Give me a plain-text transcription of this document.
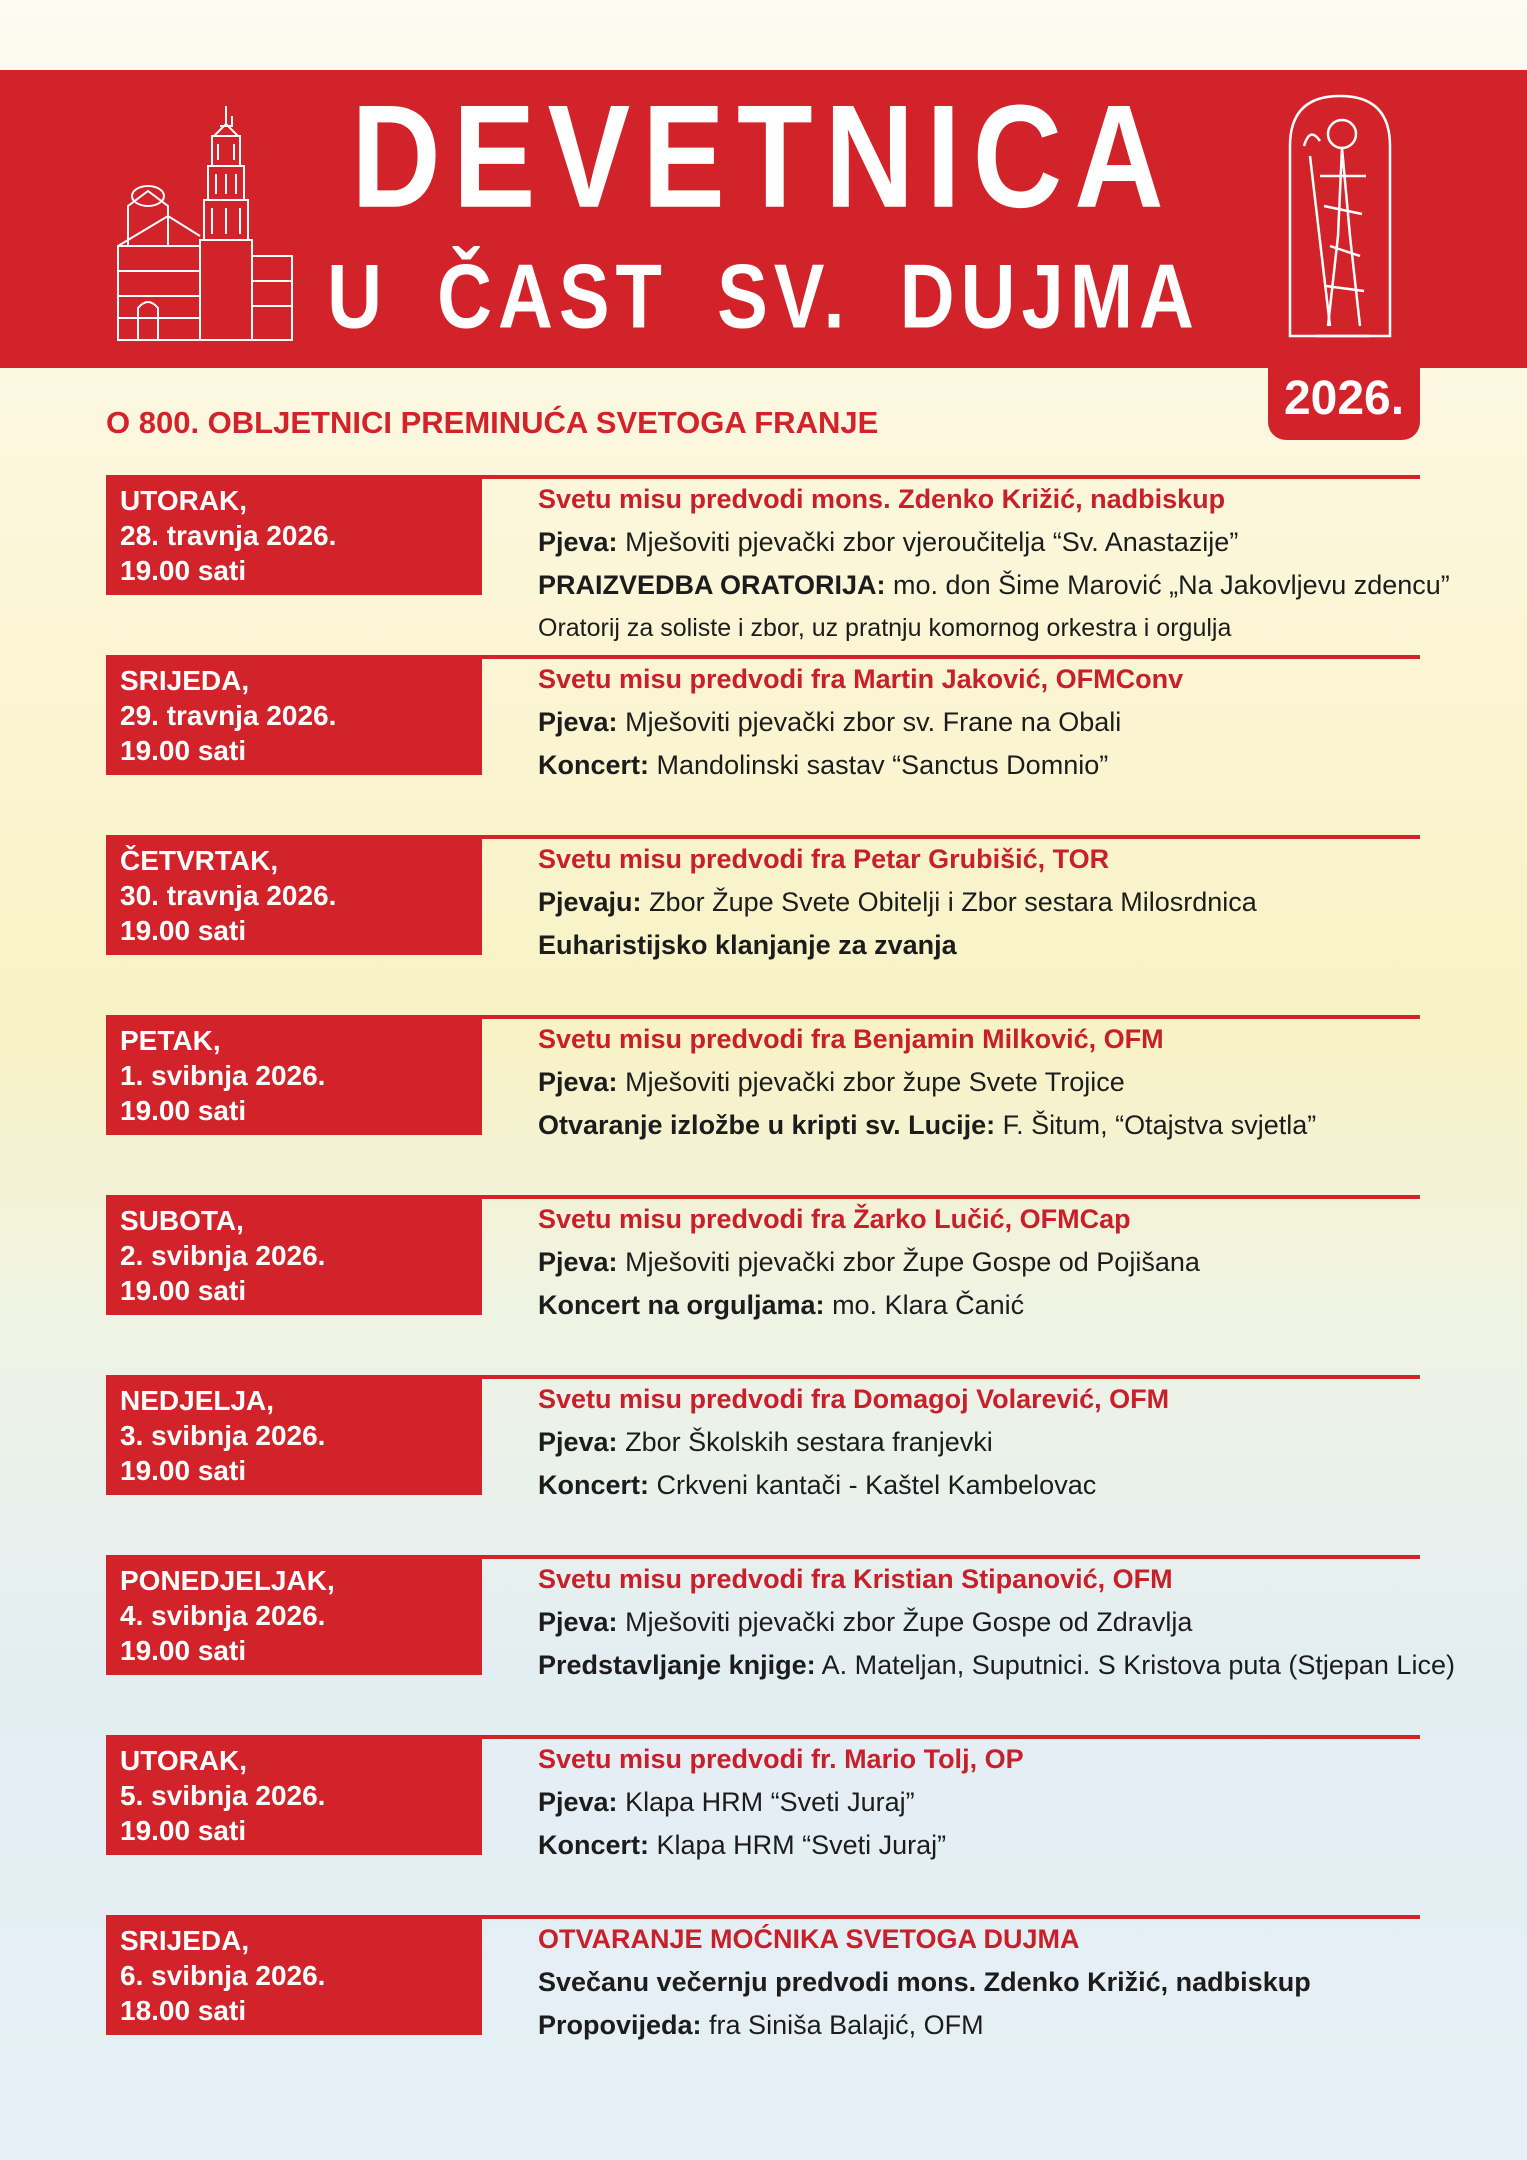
DEVETNICA
U ČAST SV. DUJMA
2026.
O 800. OBLJETNICI PREMINUĆA SVETOGA FRANJE
UTORAK,
28. travnja 2026.
19.00 sati
Svetu misu predvodi mons. Zdenko Križić, nadbiskup
Pjeva: Mješoviti pjevački zbor vjeroučitelja “Sv. Anastazije”
PRAIZVEDBA ORATORIJA: mo. don Šime Marović „Na Jakovljevu zdencu”
Oratorij za soliste i zbor, uz pratnju komornog orkestra i orgulja
SRIJEDA,
29. travnja 2026.
19.00 sati
Svetu misu predvodi fra Martin Jaković, OFMConv
Pjeva: Mješoviti pjevački zbor sv. Frane na Obali
Koncert: Mandolinski sastav “Sanctus Domnio”
ČETVRTAK,
30. travnja 2026.
19.00 sati
Svetu misu predvodi fra Petar Grubišić, TOR
Pjevaju: Zbor Župe Svete Obitelji i Zbor sestara Milosrdnica
Euharistijsko klanjanje za zvanja
PETAK,
1. svibnja 2026.
19.00 sati
Svetu misu predvodi fra Benjamin Milković, OFM
Pjeva: Mješoviti pjevački zbor župe Svete Trojice
Otvaranje izložbe u kripti sv. Lucije: F. Šitum, “Otajstva svjetla”
SUBOTA,
2. svibnja 2026.
19.00 sati
Svetu misu predvodi fra Žarko Lučić, OFMCap
Pjeva: Mješoviti pjevački zbor Župe Gospe od Pojišana
Koncert na orguljama: mo. Klara Čanić
NEDJELJA,
3. svibnja 2026.
19.00 sati
Svetu misu predvodi fra Domagoj Volarević, OFM
Pjeva: Zbor Školskih sestara franjevki
Koncert: Crkveni kantači - Kaštel Kambelovac
PONEDJELJAK,
4. svibnja 2026.
19.00 sati
Svetu misu predvodi fra Kristian Stipanović, OFM
Pjeva: Mješoviti pjevački zbor Župe Gospe od Zdravlja
Predstavljanje knjige: A. Mateljan, Suputnici. S Kristova puta (Stjepan Lice)
UTORAK,
5. svibnja 2026.
19.00 sati
Svetu misu predvodi fr. Mario Tolj, OP
Pjeva: Klapa HRM “Sveti Juraj”
Koncert: Klapa HRM “Sveti Juraj”
SRIJEDA,
6. svibnja 2026.
18.00 sati
OTVARANJE MOĆNIKA SVETOGA DUJMA
Svečanu večernju predvodi mons. Zdenko Križić, nadbiskup
Propovijeda: fra Siniša Balajić, OFM
